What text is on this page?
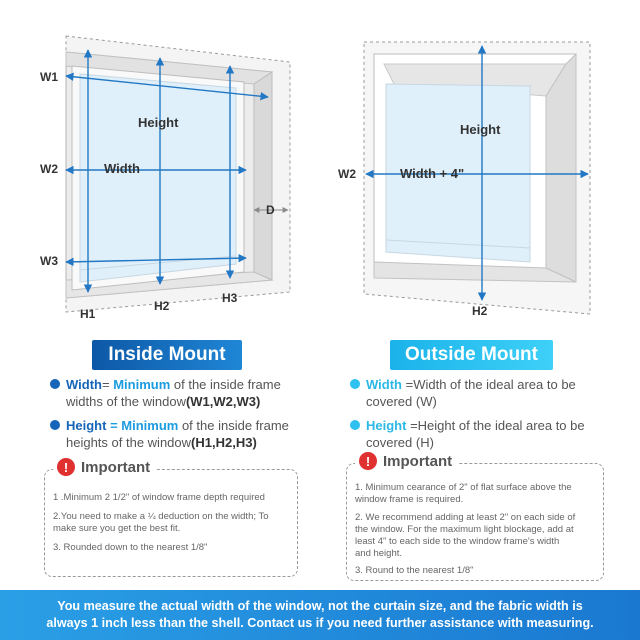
W1
W2
W3
H1
H2
H3
Height
Width
D
W2
H2
Height
Width + 4"
Inside Mount	Outside Mount
Width= Minimum of the inside frame
widths of the window(W1,W2,W3)
Height = Minimum of the inside frame
heights of the window(H1,H2,H3)
Width =Width of the ideal area to be
covered (W)
Height =Height of the ideal area to be
covered (H)
! Important
1 .Minimum 2 1/2" of window frame depth required
2.You need to make a ¼ deduction on the width; To
make sure you get the best fit.
3. Rounded down to the nearest 1/8"
! Important
1. Minimum cearance of 2" of flat surface above the
window frame is required.
2. We recommend adding at least 2" on each side of
the window. For the maximum light blockage, add at
least 4" to each side to the window frame's width
and height.
3. Round to the nearest 1/8"
You measure the actual width of the window, not the curtain size, and the fabric width is
always 1 inch less than the shell. Contact us if you need further assistance with measuring.
